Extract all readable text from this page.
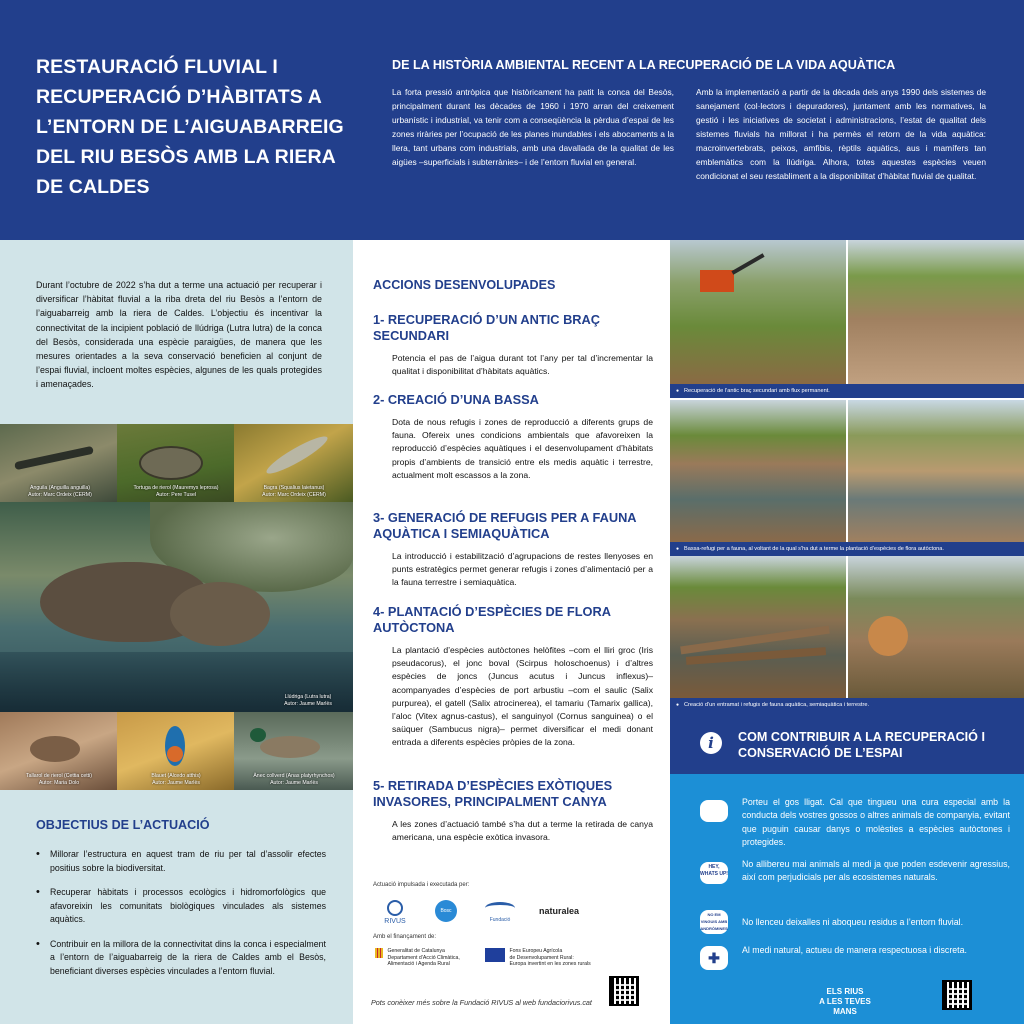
RESTAURACIÓ FLUVIAL I RECUPERACIÓ D’HÀBITATS A L’ENTORN DE L’AIGUABARREIG DEL RIU BESÒS AMB LA RIERA DE CALDES
DE LA HISTÒRIA AMBIENTAL RECENT A LA RECUPERACIÓ DE LA VIDA AQUÀTICA
La forta pressió antròpica que històricament ha patit la conca del Besòs, principalment durant les dècades de 1960 i 1970 arran del creixement urbanístic i industrial, va tenir com a conseqüència la pèrdua d’espai de les zones riràries per l’ocupació de les planes inundables i els abocaments a la llera, tant urbans com industrials, amb una davallada de la qualitat de les aigües –superficials i subterrànies– i de l’entorn fluvial en general.
Amb la implementació a partir de la dècada dels anys 1990 dels sistemes de sanejament (col·lectors i depuradores), juntament amb les normatives, la gestió i les iniciatives de societat i administracions, l’estat de qualitat dels sistemes fluvials ha millorat i ha permès el retorn de la vida aquàtica: macroinvertebrats, peixos, amfibis, rèptils aquàtics, aus i mamífers tan emblemàtics com la llúdriga. Alhora, totes aquestes espècies veuen condicionat el seu restabliment a la disponibilitat d’hàbitat fluvial de qualitat.
Durant l’octubre de 2022 s’ha dut a terme una actuació per recuperar i diversificar l’hàbitat fluvial a la riba dreta del riu Besòs a l’entorn de l’aiguabarreig amb la riera de Caldes. L’objectiu és incentivar la connectivitat de la incipient població de llúdriga (Lutra lutra) de la conca del Besòs, considerada una espècie paraigües, de manera que les mesures orientades a la seva conservació beneficien al conjunt de l’espai fluvial, incloent moltes espècies, algunes de les quals protegides i amenaçades.
Anguila (Anguilla anguilla)
Autor: Marc Ordeix (CERM)
Tortuga de rierol (Mauremys leprosa)
Autor: Pere Tusel
Bagra (Squalius laietanus)
Autor: Marc Ordeix (CERM)
Llúdriga (Lutra lutra)
Autor: Jaume Marlès
Tallarol de rierol (Cettia cetti)
Autor: Maria Dolo
Blauet (Alcedo atthis)
Autor: Jaume Marlès
Ànec collverd (Anas platyrhynchos)
Autor: Jaume Marlès
OBJECTIUS DE L’ACTUACIÓ
• Millorar l’estructura en aquest tram de riu per tal d’assolir efectes positius sobre la biodiversitat.
• Recuperar hàbitats i processos ecològics i hidromorfològics que afavoreixin les comunitats biològiques vinculades als sistemes aquàtics.
• Contribuir en la millora de la connectivitat dins la conca i especialment a l’entorn de l’aiguabarreig de la riera de Caldes amb el Besòs, beneficiant diverses espècies vinculades a l’entorn fluvial.
ACCIONS DESENVOLUPADES
1- RECUPERACIÓ D’UN ANTIC BRAÇ SECUNDARI

Potencia el pas de l’aigua durant tot l’any per tal d’incrementar la qualitat i disponibilitat d’hàbitats aquàtics.

2- CREACIÓ D’UNA BASSA

Dota de nous refugis i zones de reproducció a diferents grups de fauna. Ofereix unes condicions ambientals que afavoreixen la reproducció d’espècies aquàtiques i el desenvolupament d’hàbitats propis d’ambients de transició entre els medis aquàtic i terrestre, actualment molt escassos a la zona.

3- GENERACIÓ DE REFUGIS PER A FAUNA AQUÀTICA I SEMIAQUÀTICA

La introducció i estabilització d’agrupacions de restes llenyoses en punts estratègics permet generar refugis i zones d’alimentació per a la fauna terrestre i semiaquàtica.

4- PLANTACIÓ D’ESPÈCIES DE FLORA AUTÒCTONA

La plantació d’espècies autòctones helòfites –com el lliri groc (Iris pseudacorus), el jonc boval (Scirpus holoschoenus) i d’altres espècies de joncs (Juncus acutus i Juncus inflexus)– acompanyades d’espècies de port arbustiu –com el saulic (Salix purpurea), el gatell (Salix atrocinerea), el tamariu (Tamarix gallica), l’aloc (Vitex agnus-castus), el sanguinyol (Cornus sanguinea) o el saüquer (Sambucus nigra)– permet diversificar el medi donant entrada a diferents espècies pròpies de la zona.

5- RETIRADA D’ESPÈCIES EXÒTIQUES INVASORES, PRINCIPALMENT CANYA

A les zones d’actuació també s’ha dut a terme la retirada de canya americana, una espècie exòtica invasora.

Actuació impulsada i executada per:
RIVUS
Bosc Fluvial
Fundació
naturalea
Amb el finançament de:
Generalitat de Catalunya
Departament d’Acció Climàtica,
Alimentació i Agenda Rural
Fons Europeu Agrícola
de Desenvolupament Rural:
Europa invertint en les zones rurals
Pots conèixer més sobre la Fundació RIVUS al web fundaciorivus.cat
● Recuperació de l’antic braç secundari amb flux permanent.
● Bassa-refugi per a fauna, al voltant de la qual s’ha dut a terme la plantació d’espècies de flora autòctona.
● Creació d’un entramat i refugis de fauna aquàtica, semiaquàtica i terrestre.
i	COM CONTRIBUIR A LA RECUPERACIÓ I CONSERVACIÓ DE L’ESPAI
Porteu el gos lligat. Cal que tingueu una cura especial amb la conducta dels vostres gossos o altres animals de companyia, evitant que puguin causar danys o molèsties a espècies autòctones i protegides.
HEY, WHATS UP!
No allibereu mai animals al medi ja que poden esdevenir agressius, així com perjudicials per als ecosistemes naturals.
NO EM VINGUIS AMB ANDRÒMINES
No llenceu deixalles ni aboqueu residus a l’entorn fluvial.
✚	Al medi natural, actueu de manera respectuosa i discreta.
ELS RIUS
A LES TEVES MANS
